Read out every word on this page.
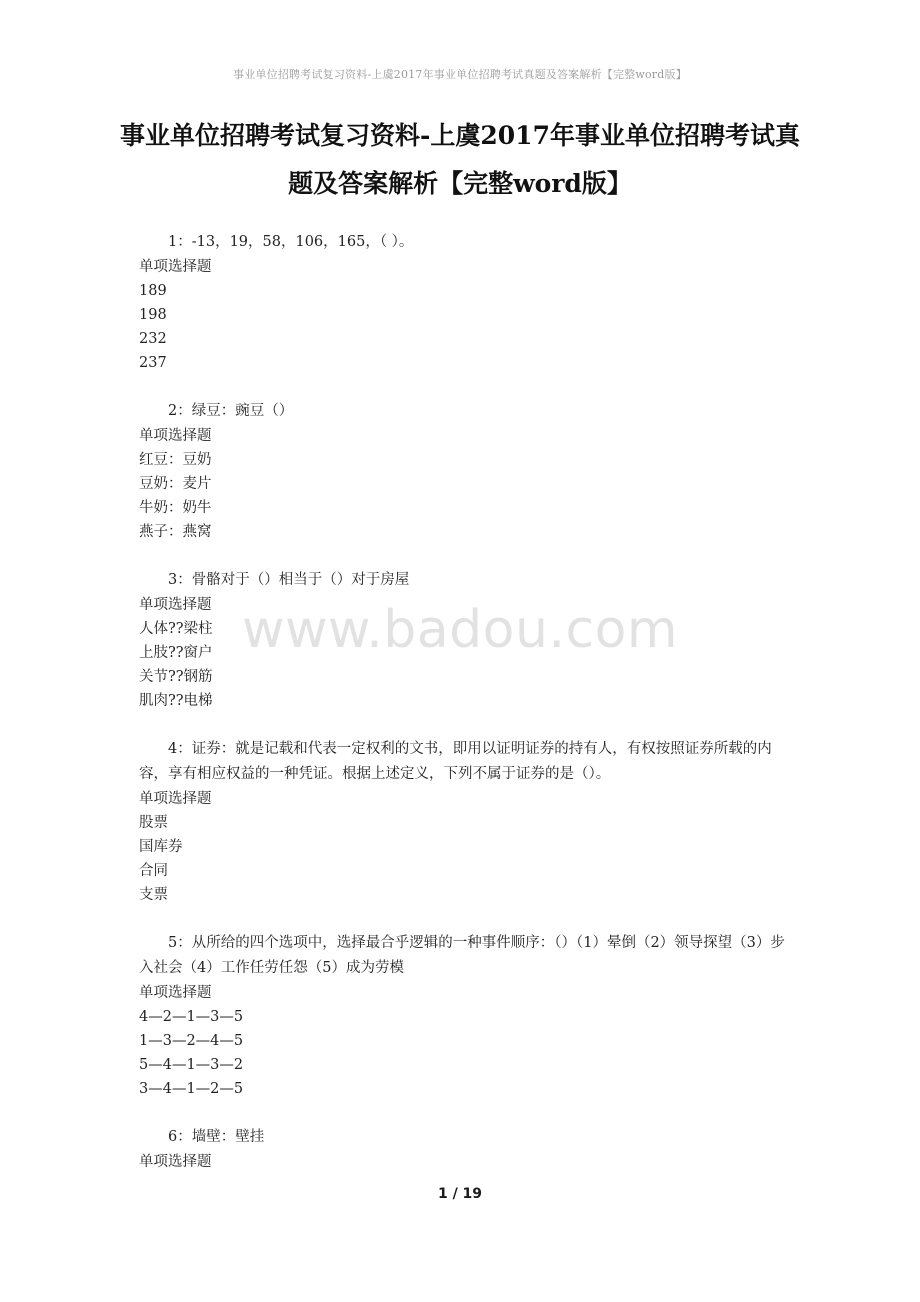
事业单位招聘考试复习资料-上虞2017年事业单位招聘考试真题及答案解析【完整word版】
事业单位招聘考试复习资料-上虞2017年事业单位招聘考试真题及答案解析【完整word版】
www.badou.com

1：-13，19，58，106，165，（ ）。

单项选择题

189

198

232

237

2：绿豆：豌豆（）

单项选择题

红豆：豆奶

豆奶：麦片

牛奶：奶牛

燕子：燕窝

3：骨骼对于（）相当于（）对于房屋

单项选择题

人体??梁柱

上肢??窗户

关节??钢筋

肌肉??电梯

4：证券：就是记载和代表一定权利的文书，即用以证明证券的持有人，有权按照证券所载的内容，享有相应权益的一种凭证。根据上述定义，下列不属于证券的是（）。

单项选择题

股票

国库券

合同

支票

5：从所给的四个选项中，选择最合乎逻辑的一种事件顺序：（）（1）晕倒（2）领导探望（3）步入社会（4）工作任劳任怨（5）成为劳模

单项选择题

4—2—1—3—5

1—3—2—4—5

5—4—1—3—2

3—4—1—2—5

6：墙壁：壁挂

单项选择题

1 / 19
